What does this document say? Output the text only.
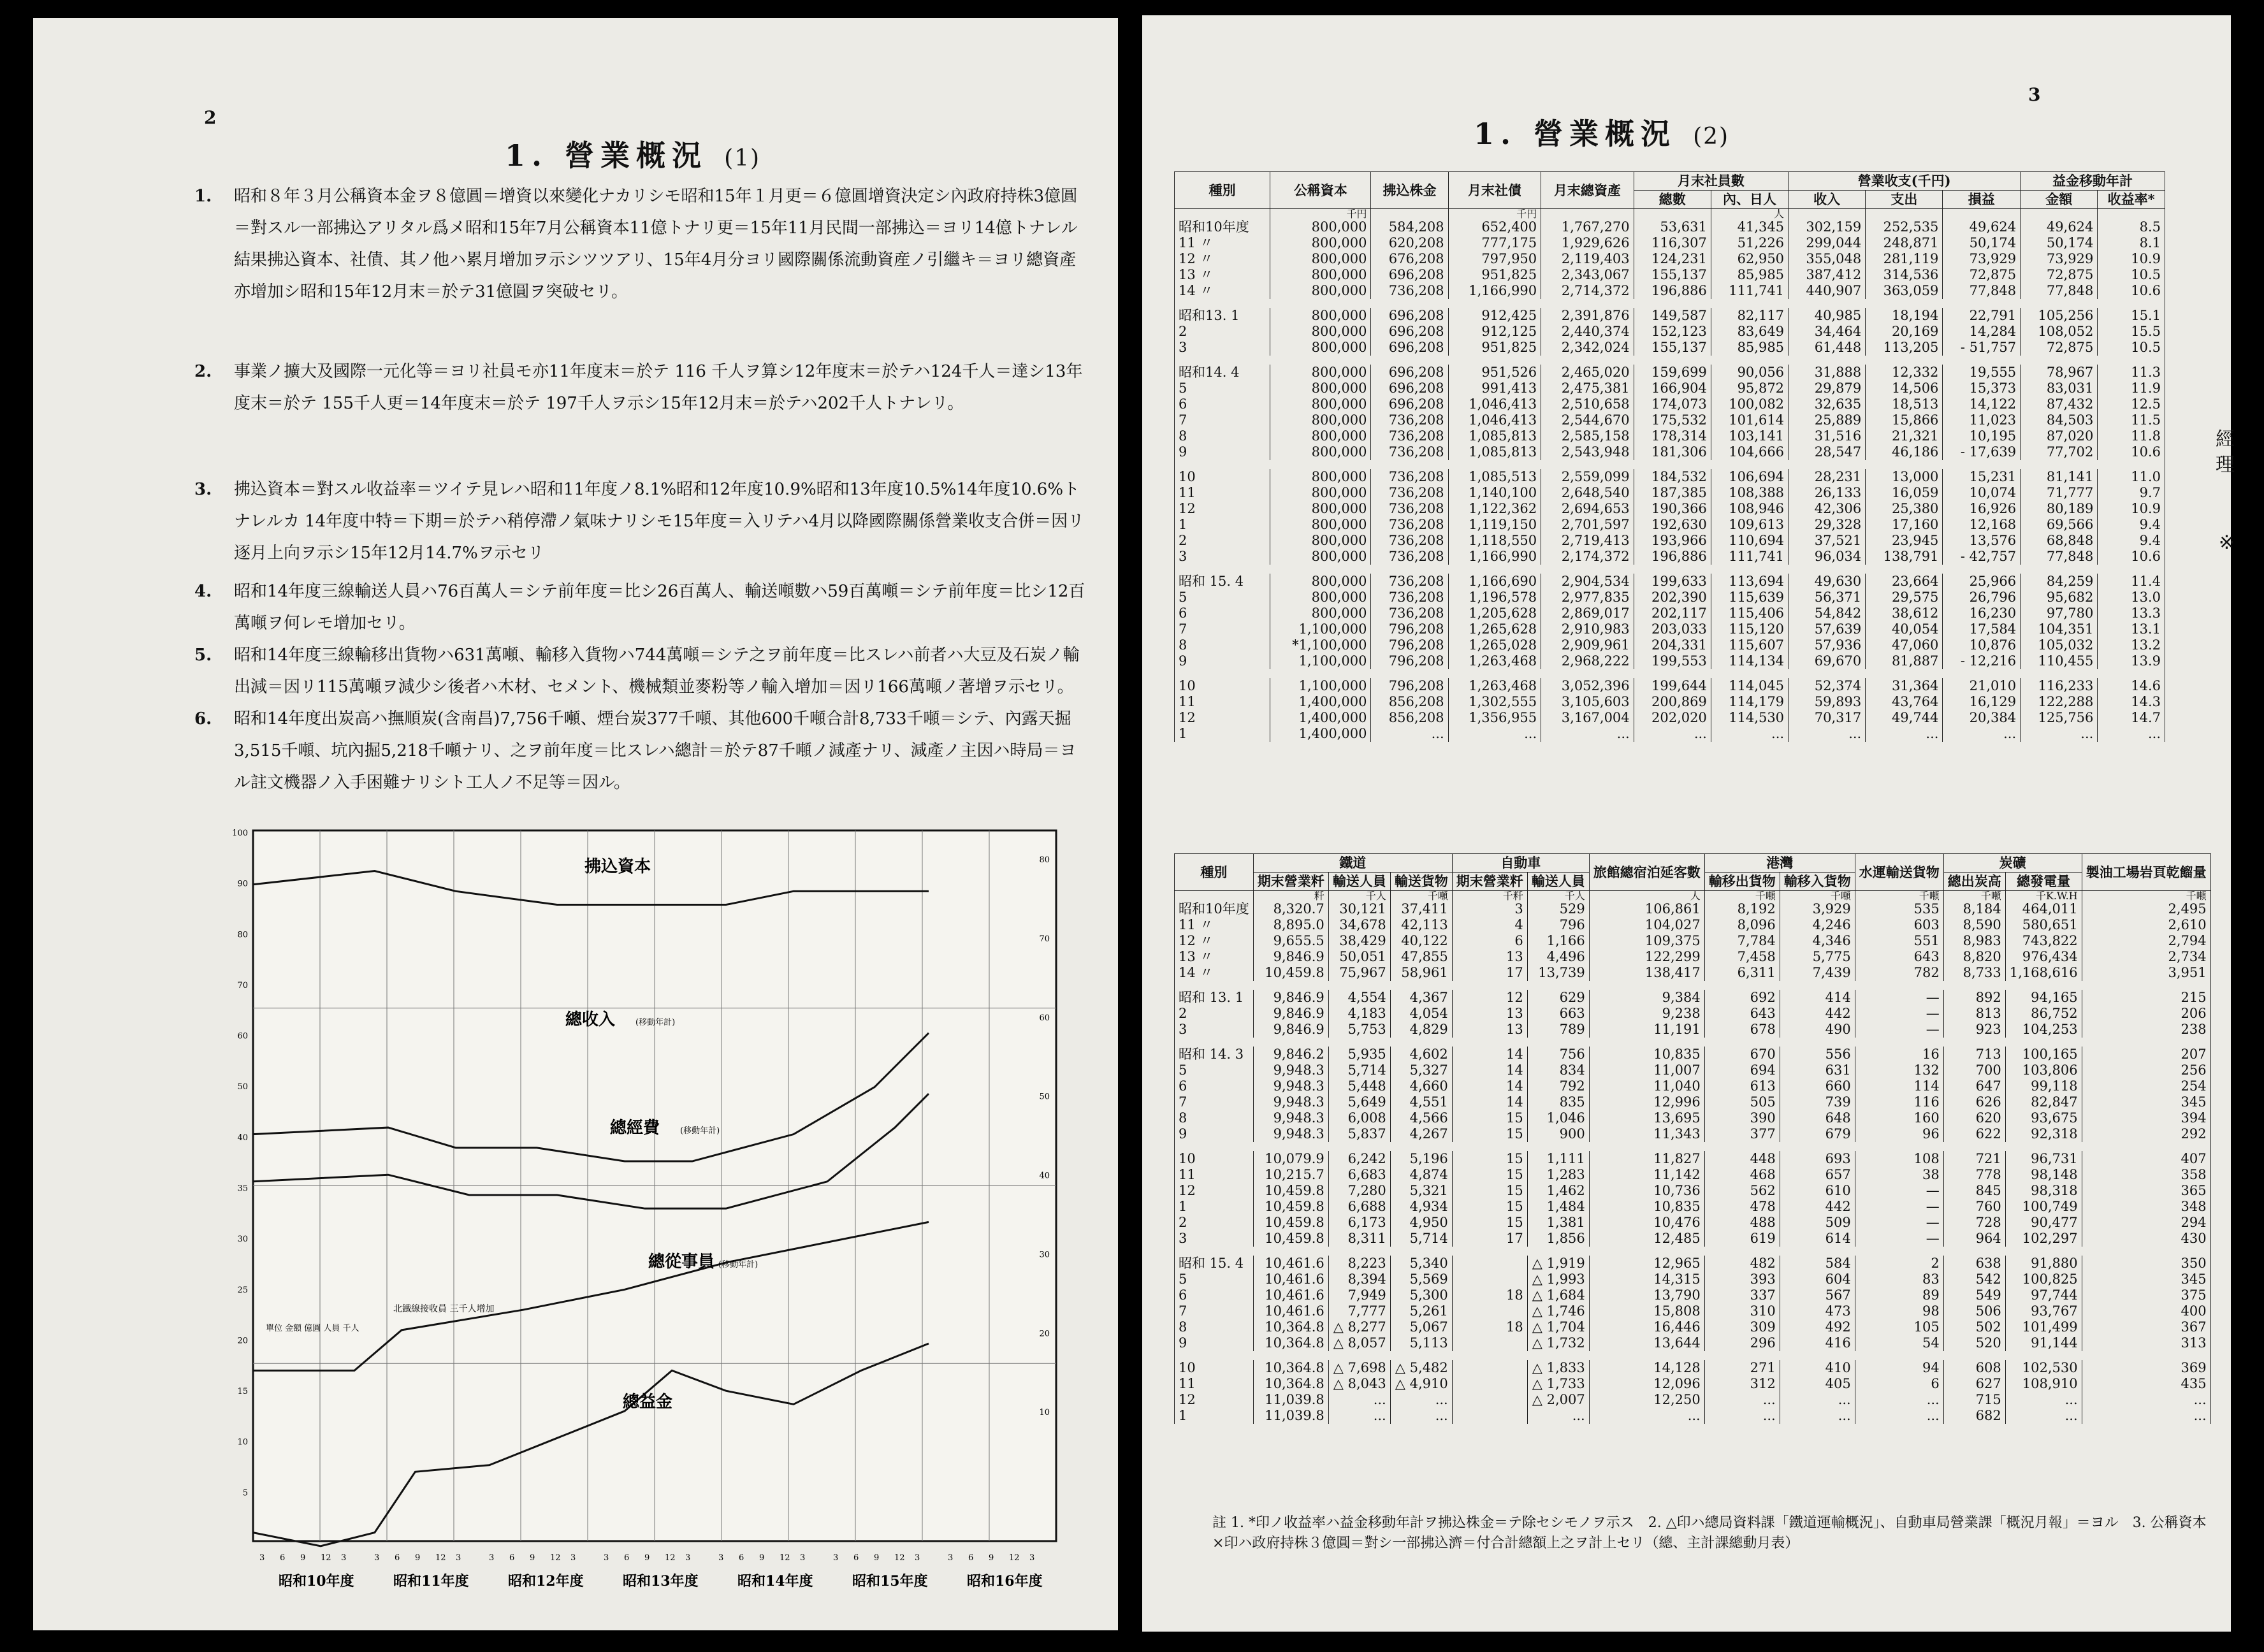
2
1. 營業概況 (1)
1. 昭和８年３月公稱資本金ヲ８億圓＝增資以來變化ナカリシモ昭和15年１月更＝６億圓增資決定シ內政府持株3億圓＝對スル一部拂込アリタル爲メ昭和15年7月公稱資本11億トナリ更＝15年11月民間一部拂込＝ヨリ14億トナレル結果拂込資本、社債、其ノ他ハ累月增加ヲ示シツツアリ、15年4月分ヨリ國際關係流動資産ノ引繼キ＝ヨリ總資產亦增加シ昭和15年12月末＝於テ31億圓ヲ突破セリ。
2. 事業ノ擴大及國際一元化等＝ヨリ社員モ亦11年度末＝於テ 116 千人ヲ算シ12年度末＝於テハ124千人＝達シ13年度末＝於テ 155千人更＝14年度末＝於テ 197千人ヲ示シ15年12月末＝於テハ202千人トナレリ。
3. 拂込資本＝對スル收益率＝ツイテ見レハ昭和11年度ノ8.1%昭和12年度10.9%昭和13年度10.5%14年度10.6%トナレルカ 14年度中特＝下期＝於テハ稍停滯ノ氣味ナリシモ15年度＝入リテハ4月以降國際關係營業收支合併＝因リ逐月上向ヲ示シ15年12月14.7%ヲ示セリ
4. 昭和14年度三線輸送人員ハ76百萬人＝シテ前年度＝比シ26百萬人、輸送噸數ハ59百萬噸＝シテ前年度＝比シ12百萬噸ヲ何レモ增加セリ。
5. 昭和14年度三線輸移出貨物ハ631萬噸、輸移入貨物ハ744萬噸＝シテ之ヲ前年度＝比スレハ前者ハ大豆及石炭ノ輸出減＝因リ115萬噸ヲ減少シ後者ハ木材、セメント、機械類並麥粉等ノ輸入增加＝因リ166萬噸ノ著增ヲ示セリ。
6. 昭和14年度出炭高ハ撫順炭(含南昌)7,756千噸、煙台炭377千噸、其他600千噸合計8,733千噸＝シテ、內露天掘3,515千噸、坑內掘5,218千噸ナリ、之ヲ前年度＝比スレハ總計＝於テ87千噸ノ減產ナリ、減產ノ主因ハ時局＝ヨル註文機器ノ入手困難ナリシト工人ノ不足等＝因ル。
100
90
80
70
60
50
40
35
30
25
20
15
10
5
80
70
60
50
40
30
20
10
拂込資本
總收入 (移動年計)
總經費 (移動年計)
總從事員 (移動年計)
總益金
北鐵線接收員 三千人增加
單位 金額 億圓 人員 千人
昭和10年度
3 6 9 12 3
昭和11年度
3 6 9 12 3
昭和12年度
3 6 9 12 3
昭和13年度
3 6 9 12 3
昭和14年度
3 6 9 12 3
昭和15年度
3 6 9 12 3
昭和16年度
3 6 9 12 3
3
1. 營業概況 (2)
經
理
※
種別	公稱資本	拂込株金	月末社債	月末總資產	月末社員數		營業收支(千円)			益金移動年計	
					總數	內、日人	收入	支出	損益	金額	收益率*
	千円		千円			人					
昭和10年度	800,000	584,208	652,400	1,767,270	53,631	41,345	302,159	252,535	49,624	49,624	8.5
11 〃	800,000	620,208	777,175	1,929,626	116,307	51,226	299,044	248,871	50,174	50,174	8.1
12 〃	800,000	676,208	797,950	2,119,403	124,231	62,950	355,048	281,119	73,929	73,929	10.9
13 〃	800,000	696,208	951,825	2,343,067	155,137	85,985	387,412	314,536	72,875	72,875	10.5
14 〃	800,000	736,208	1,166,990	2,714,372	196,886	111,741	440,907	363,059	77,848	77,848	10.6

昭和13. 1	800,000	696,208	912,425	2,391,876	149,587	82,117	40,985	18,194	22,791	105,256	15.1
2	800,000	696,208	912,125	2,440,374	152,123	83,649	34,464	20,169	14,284	108,052	15.5
3	800,000	696,208	951,825	2,342,024	155,137	85,985	61,448	113,205	- 51,757	72,875	10.5

昭和14. 4	800,000	696,208	951,526	2,465,020	159,699	90,056	31,888	12,332	19,555	78,967	11.3
5	800,000	696,208	991,413	2,475,381	166,904	95,872	29,879	14,506	15,373	83,031	11.9
6	800,000	696,208	1,046,413	2,510,658	174,073	100,082	32,635	18,513	14,122	87,432	12.5
7	800,000	736,208	1,046,413	2,544,670	175,532	101,614	25,889	15,866	11,023	84,503	11.5
8	800,000	736,208	1,085,813	2,585,158	178,314	103,141	31,516	21,321	10,195	87,020	11.8
9	800,000	736,208	1,085,813	2,543,948	181,306	104,666	28,547	46,186	- 17,639	77,702	10.6

10	800,000	736,208	1,085,513	2,559,099	184,532	106,694	28,231	13,000	15,231	81,141	11.0
11	800,000	736,208	1,140,100	2,648,540	187,385	108,388	26,133	16,059	10,074	71,777	9.7
12	800,000	736,208	1,122,362	2,694,653	190,366	108,946	42,306	25,380	16,926	80,189	10.9
1	800,000	736,208	1,119,150	2,701,597	192,630	109,613	29,328	17,160	12,168	69,566	9.4
2	800,000	736,208	1,118,550	2,719,413	193,966	110,694	37,521	23,945	13,576	68,848	9.4
3	800,000	736,208	1,166,990	2,174,372	196,886	111,741	96,034	138,791	- 42,757	77,848	10.6

昭和 15. 4	800,000	736,208	1,166,690	2,904,534	199,633	113,694	49,630	23,664	25,966	84,259	11.4
5	800,000	736,208	1,196,578	2,977,835	202,390	115,639	56,371	29,575	26,796	95,682	13.0
6	800,000	736,208	1,205,628	2,869,017	202,117	115,406	54,842	38,612	16,230	97,780	13.3
7	1,100,000	796,208	1,265,628	2,910,983	203,033	115,120	57,639	40,054	17,584	104,351	13.1
8	*1,100,000	796,208	1,265,028	2,909,961	204,331	115,607	57,936	47,060	10,876	105,032	13.2
9	1,100,000	796,208	1,263,468	2,968,222	199,553	114,134	69,670	81,887	- 12,216	110,455	13.9

10	1,100,000	796,208	1,263,468	3,052,396	199,644	114,045	52,374	31,364	21,010	116,233	14.6
11	1,400,000	856,208	1,302,555	3,105,603	200,869	114,179	59,893	43,764	16,129	122,288	14.3
12	1,400,000	856,208	1,356,955	3,167,004	202,020	114,530	70,317	49,744	20,384	125,756	14.7
1	1,400,000	...	...	...	...	...	...	...	...	...	...
種別	鐵道			自動車		旅館總宿泊延客數	港灣		水運輸送貨物	炭礦		製油工場岩頁乾餾量
	期末營業粁	輸送人員	輸送貨物	期末營業粁	輸送人員		輸移出貨物	輸移入貨物		總出炭高	總發電量	
	粁	千人	千噸	千粁	千人	人	千噸	千噸	千噸	千噸	千K.W.H	千噸
昭和10年度	8,320.7	30,121	37,411	3	529	106,861	8,192	3,929	535	8,184	464,011	2,495
11 〃	8,895.0	34,678	42,113	4	796	104,027	8,096	4,246	603	8,590	580,651	2,610
12 〃	9,655.5	38,429	40,122	6	1,166	109,375	7,784	4,346	551	8,983	743,822	2,794
13 〃	9,846.9	50,051	47,855	13	4,496	122,299	7,458	5,775	643	8,820	976,434	2,734
14 〃	10,459.8	75,967	58,961	17	13,739	138,417	6,311	7,439	782	8,733	1,168,616	3,951

昭和 13. 1	9,846.9	4,554	4,367	12	629	9,384	692	414	—	892	94,165	215
2	9,846.9	4,183	4,054	13	663	9,238	643	442	—	813	86,752	206
3	9,846.9	5,753	4,829	13	789	11,191	678	490	—	923	104,253	238

昭和 14. 3	9,846.2	5,935	4,602	14	756	10,835	670	556	16	713	100,165	207
5	9,948.3	5,714	5,327	14	834	11,007	694	631	132	700	103,806	256
6	9,948.3	5,448	4,660	14	792	11,040	613	660	114	647	99,118	254
7	9,948.3	5,649	4,551	14	835	12,996	505	739	116	626	82,847	345
8	9,948.3	6,008	4,566	15	1,046	13,695	390	648	160	620	93,675	394
9	9,948.3	5,837	4,267	15	900	11,343	377	679	96	622	92,318	292

10	10,079.9	6,242	5,196	15	1,111	11,827	448	693	108	721	96,731	407
11	10,215.7	6,683	4,874	15	1,283	11,142	468	657	38	778	98,148	358
12	10,459.8	7,280	5,321	15	1,462	10,736	562	610	—	845	98,318	365
1	10,459.8	6,688	4,934	15	1,484	10,835	478	442	—	760	100,749	348
2	10,459.8	6,173	4,950	15	1,381	10,476	488	509	—	728	90,477	294
3	10,459.8	8,311	5,714	17	1,856	12,485	619	614	—	964	102,297	430

昭和 15. 4	10,461.6	8,223	5,340		△ 1,919	12,965	482	584	2	638	91,880	350
5	10,461.6	8,394	5,569		△ 1,993	14,315	393	604	83	542	100,825	345
6	10,461.6	7,949	5,300	18	△ 1,684	13,790	337	567	89	549	97,744	375
7	10,461.6	7,777	5,261		△ 1,746	15,808	310	473	98	506	93,767	400
8	10,364.8	△ 8,277	5,067	18	△ 1,704	16,446	309	492	105	502	101,499	367
9	10,364.8	△ 8,057	5,113		△ 1,732	13,644	296	416	54	520	91,144	313

10	10,364.8	△ 7,698	△ 5,482		△ 1,833	14,128	271	410	94	608	102,530	369
11	10,364.8	△ 8,043	△ 4,910		△ 1,733	12,096	312	405	6	627	108,910	435
12	11,039.8	...	...		△ 2,007	12,250	...	...	...	715	...	...
1	11,039.8	...	...		...	...	...	...	...	682	...	...
註 1. *印ノ收益率ハ益金移動年計ヲ拂込株金＝テ除セシモノヲ示ス　2. △印ハ總局資料課「鐵道運輸概況」、自動車局營業課「概況月報」＝ヨル　3. 公稱資本×印ハ政府持株３億圓＝對シ一部拂込濟＝付合計總額上之ヲ計上セリ（總、主計課總動月表）
